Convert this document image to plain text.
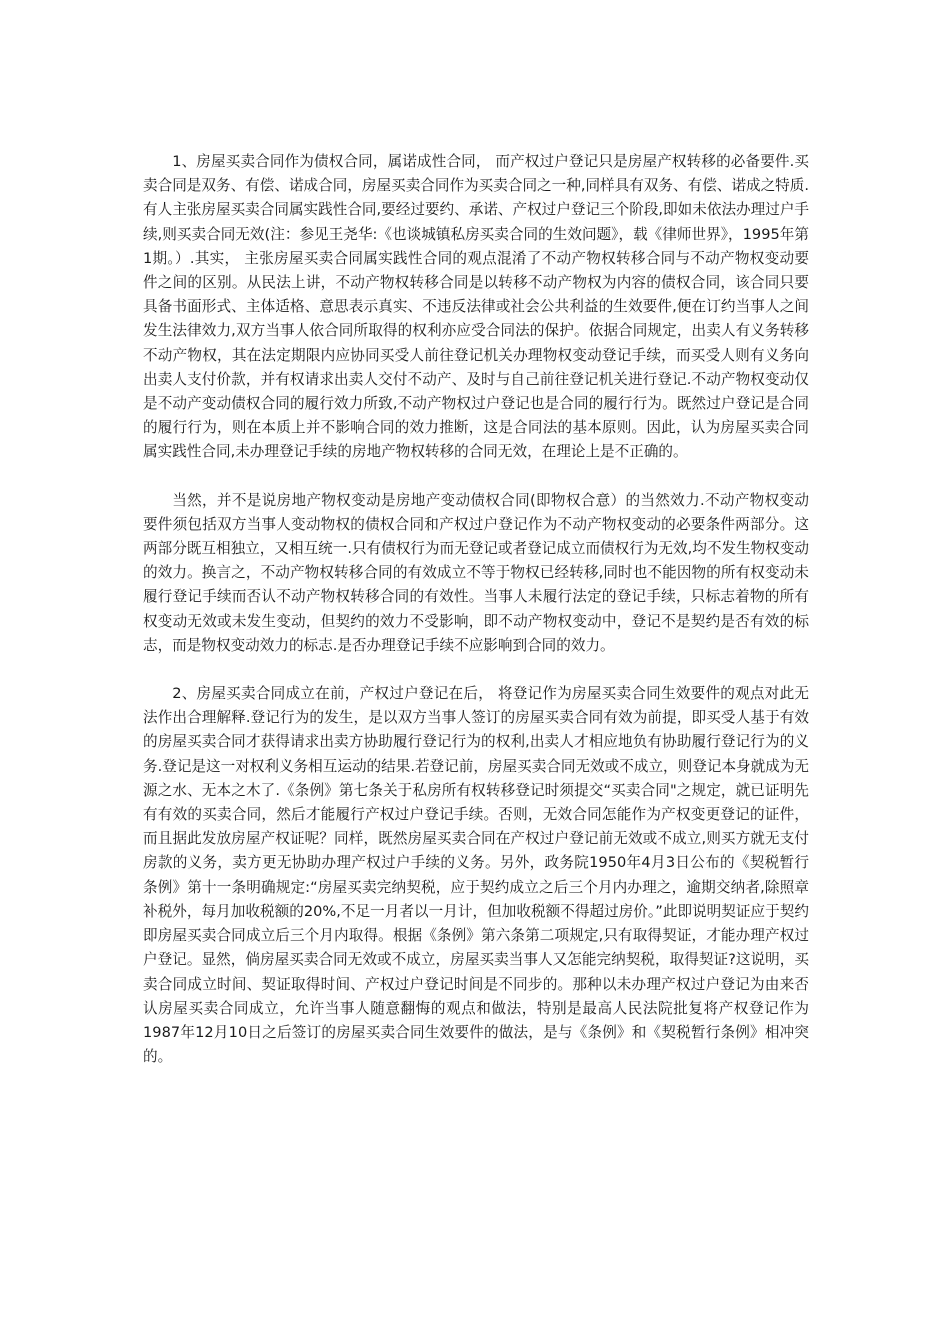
1、房屋买卖合同作为债权合同，属诺成性合同， 而产权过户登记只是房屋产权转移的必备要件.买卖合同是双务、有偿、诺成合同，房屋买卖合同作为买卖合同之一种,同样具有双务、有偿、诺成之特质.有人主张房屋买卖合同属实践性合同,要经过要约、承诺、产权过户登记三个阶段,即如未依法办理过户手续,则买卖合同无效(注：参见王尧华:《也谈城镇私房买卖合同的生效问题》，载《律师世界》，1995年第1期。）.其实， 主张房屋买卖合同属实践性合同的观点混淆了不动产物权转移合同与不动产物权变动要件之间的区别。从民法上讲，不动产物权转移合同是以转移不动产物权为内容的债权合同，该合同只要具备书面形式、主体适格、意思表示真实、不违反法律或社会公共利益的生效要件,便在订约当事人之间发生法律效力,双方当事人依合同所取得的权利亦应受合同法的保护。依据合同规定，出卖人有义务转移不动产物权，其在法定期限内应协同买受人前往登记机关办理物权变动登记手续，而买受人则有义务向出卖人支付价款，并有权请求出卖人交付不动产、及时与自己前往登记机关进行登记.不动产物权变动仅是不动产变动债权合同的履行效力所致,不动产物权过户登记也是合同的履行行为。既然过户登记是合同的履行行为，则在本质上并不影响合同的效力推断，这是合同法的基本原则。因此，认为房屋买卖合同属实践性合同,未办理登记手续的房地产物权转移的合同无效，在理论上是不正确的。

当然，并不是说房地产物权变动是房地产变动债权合同(即物权合意）的当然效力.不动产物权变动要件须包括双方当事人变动物权的债权合同和产权过户登记作为不动产物权变动的必要条件两部分。这两部分既互相独立，又相互统一.只有债权行为而无登记或者登记成立而债权行为无效,均不发生物权变动的效力。换言之，不动产物权转移合同的有效成立不等于物权已经转移,同时也不能因物的所有权变动未履行登记手续而否认不动产物权转移合同的有效性。当事人未履行法定的登记手续，只标志着物的所有权变动无效或未发生变动，但契约的效力不受影响，即不动产物权变动中，登记不是契约是否有效的标志，而是物权变动效力的标志.是否办理登记手续不应影响到合同的效力。

2、房屋买卖合同成立在前，产权过户登记在后， 将登记作为房屋买卖合同生效要件的观点对此无法作出合理解释.登记行为的发生，是以双方当事人签订的房屋买卖合同有效为前提，即买受人基于有效的房屋买卖合同才获得请求出卖方协助履行登记行为的权利,出卖人才相应地负有协助履行登记行为的义务.登记是这一对权利义务相互运动的结果.若登记前，房屋买卖合同无效或不成立，则登记本身就成为无源之水、无本之木了.《条例》第七条关于私房所有权转移登记时须提交“买卖合同"之规定，就已证明先有有效的买卖合同，然后才能履行产权过户登记手续。否则，无效合同怎能作为产权变更登记的证件，而且据此发放房屋产权证呢？同样，既然房屋买卖合同在产权过户登记前无效或不成立,则买方就无支付房款的义务，卖方更无协助办理产权过户手续的义务。另外，政务院1950年4月3日公布的《契税暂行条例》第十一条明确规定:“房屋买卖完纳契税，应于契约成立之后三个月内办理之，逾期交纳者,除照章补税外，每月加收税额的20%,不足一月者以一月计，但加收税额不得超过房价。”此即说明契证应于契约即房屋买卖合同成立后三个月内取得。根据《条例》第六条第二项规定,只有取得契证，才能办理产权过户登记。显然，倘房屋买卖合同无效或不成立，房屋买卖当事人又怎能完纳契税，取得契证?这说明，买卖合同成立时间、契证取得时间、产权过户登记时间是不同步的。那种以未办理产权过户登记为由来否认房屋买卖合同成立，允许当事人随意翻悔的观点和做法，特别是最高人民法院批复将产权登记作为1987年12月10日之后签订的房屋买卖合同生效要件的做法，是与《条例》和《契税暂行条例》相冲突的。
